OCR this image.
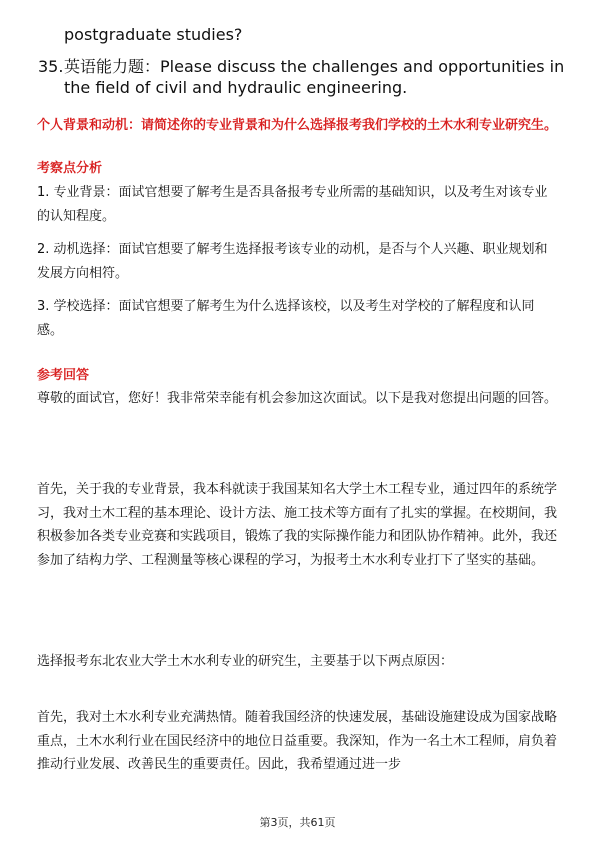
postgraduate studies?
35. 英语能力题：Please discuss the challenges and opportunities in the field of civil and hydraulic engineering.
个人背景和动机：请简述你的专业背景和为什么选择报考我们学校的土木水利专业研究生。
考察点分析
1. 专业背景：面试官想要了解考生是否具备报考专业所需的基础知识，以及考生对该专业的认知程度。
2. 动机选择：面试官想要了解考生选择报考该专业的动机，是否与个人兴趣、职业规划和发展方向相符。
3. 学校选择：面试官想要了解考生为什么选择该校，以及考生对学校的了解程度和认同感。
参考回答
尊敬的面试官，您好！我非常荣幸能有机会参加这次面试。以下是我对您提出问题的回答。
首先，关于我的专业背景，我本科就读于我国某知名大学土木工程专业，通过四年的系统学习，我对土木工程的基本理论、设计方法、施工技术等方面有了扎实的掌握。在校期间，我积极参加各类专业竞赛和实践项目，锻炼了我的实际操作能力和团队协作精神。此外，我还参加了结构力学、工程测量等核心课程的学习，为报考土木水利专业打下了坚实的基础。
选择报考东北农业大学土木水利专业的研究生，主要基于以下两点原因：
首先，我对土木水利专业充满热情。随着我国经济的快速发展，基础设施建设成为国家战略重点，土木水利行业在国民经济中的地位日益重要。我深知，作为一名土木工程师，肩负着推动行业发展、改善民生的重要责任。因此，我希望通过进一步
第3页，共61页
